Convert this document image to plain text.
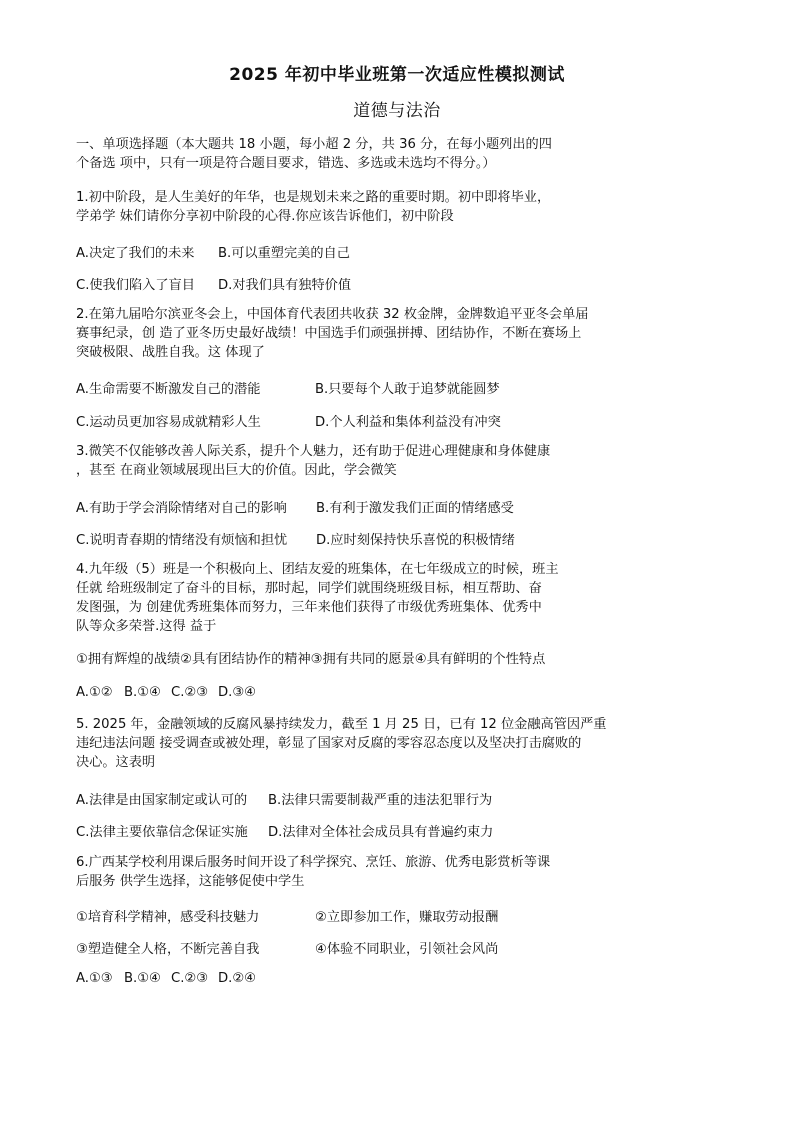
2025 年初中毕业班第一次适应性模拟测试
道德与法治
一、单项选择题（本大题共 18 小题，每小超 2 分，共 36 分，在每小题列出的四
个备选 项中，只有一项是符合题目要求，错选、多选或未选均不得分。）
1.初中阶段，是人生美好的年华，也是规划未来之路的重要时期。初中即将毕业，
学弟学 妹们请你分享初中阶段的心得.你应该告诉他们，初中阶段
A.决定了我们的未来 B.可以重塑完美的自己
C.使我们陷入了盲目 D.对我们具有独特价值
2.在第九届哈尔滨亚冬会上，中国体育代表团共收获 32 枚金牌，金牌数追平亚冬会单届
赛事纪录，创 造了亚冬历史最好战绩！中国选手们顽强拼搏、团结协作，不断在赛场上
突破极限、战胜自我。这 体现了
A.生命需要不断激发自己的潜能	B.只要每个人敢于追梦就能圆梦
C.运动员更加容易成就精彩人生	D.个人利益和集体利益没有冲突
3.微笑不仅能够改善人际关系，提升个人魅力，还有助于促进心理健康和身体健康
，甚至 在商业领域展现出巨大的价值。因此，学会微笑
A.有助于学会消除情绪对自己的影响 B.有利于激发我们正面的情绪感受
C.说明青春期的情绪没有烦恼和担忧 D.应时刻保持快乐喜悦的积极情绪
4.九年级（5）班是一个积极向上、团结友爱的班集体，在七年级成立的时候，班主
任就 给班级制定了奋斗的目标，那时起，同学们就围绕班级目标，相互帮助、奋
发图强，为 创建优秀班集体而努力，三年来他们获得了市级优秀班集体、优秀中
队等众多荣誉.这得 益于
①拥有辉煌的战绩②具有团结协作的精神③拥有共同的愿景④具有鲜明的个性特点
A.①② B.①④ C.②③ D.③④
5. 2025 年，金融领域的反腐风暴持续发力，截至 1 月 25 日，已有 12 位金融高管因严重
违纪违法问题 接受调查或被处理，彰显了国家对反腐的零容忍态度以及坚决打击腐败的
决心。这表明
A.法律是由国家制定或认可的 B.法律只需要制裁严重的违法犯罪行为
C.法律主要依靠信念保证实施 D.法律对全体社会成员具有普遍约束力
6.广西某学校利用课后服务时间开设了科学探究、烹饪、旅游、优秀电影赏析等课
后服务 供学生选择，这能够促使中学生
①培育科学精神，感受科技魅力	②立即参加工作，赚取劳动报酬
③塑造健全人格，不断完善自我	④体验不同职业，引领社会风尚
A.①③ B.①④ C.②③ D.②④
